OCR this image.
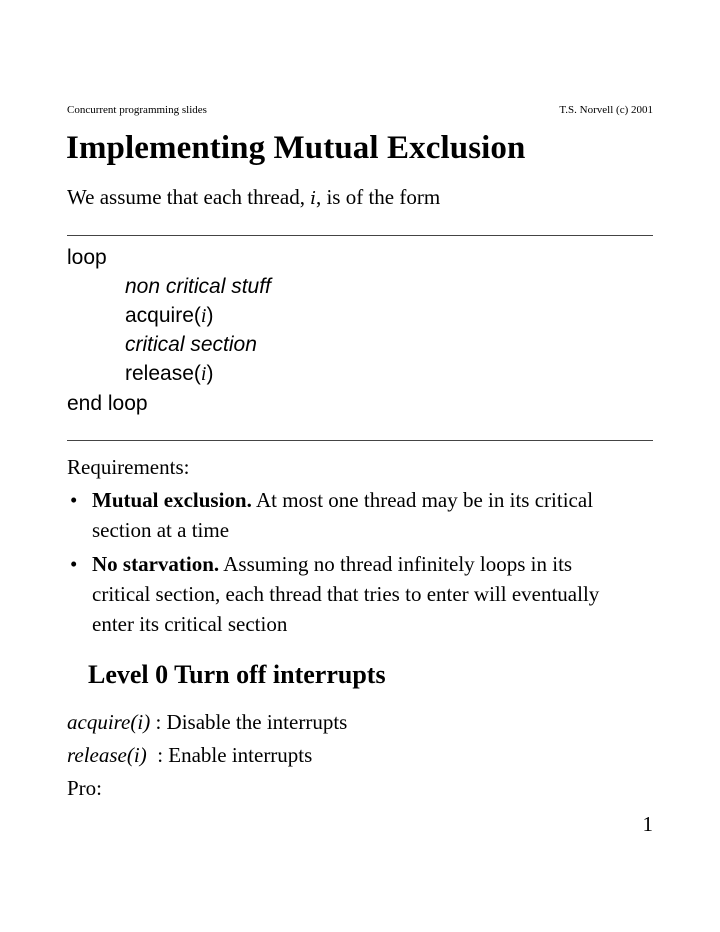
Concurrent programming slides	T.S. Norvell (c) 2001
Implementing Mutual Exclusion
We assume that each thread, i, is of the form
loop
non critical stuff
acquire(i)
critical section
release(i)
end loop
Requirements:
• Mutual exclusion. At most one thread may be in its critical
section at a time
• No starvation. Assuming no thread infinitely loops in its
critical section, each thread that tries to enter will eventually
enter its critical section
Level 0 Turn off interrupts
acquire(i) : Disable the interrupts
release(i)  : Enable interrupts
Pro:
1
